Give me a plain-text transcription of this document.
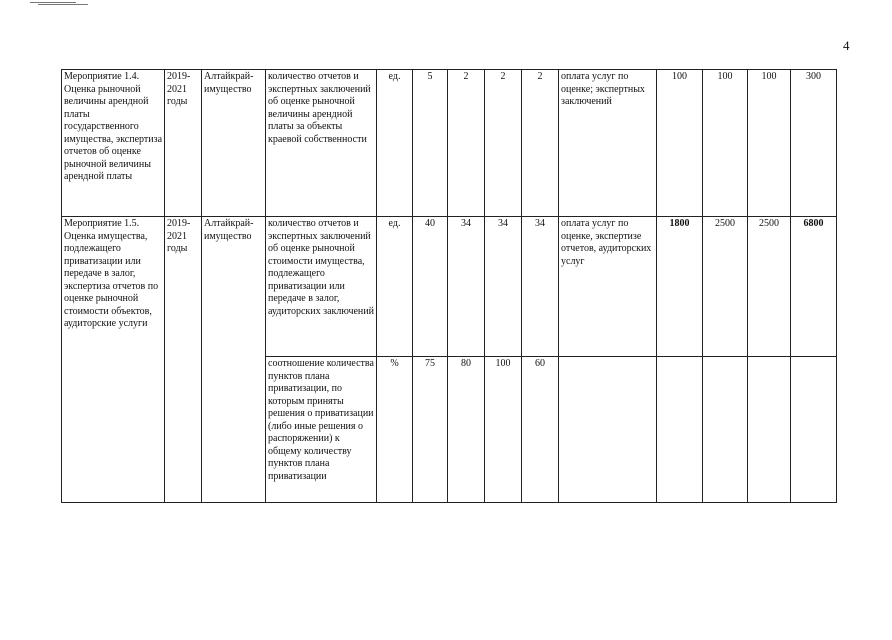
4
Мероприятие 1.4. Оценка рыночной величины арендной платы государственного имущества, экспертиза отчетов об оценке рыночной величины арендной платы	2019-2021 годы	Алтайкрай-имущество	количество отчетов и экспертных заключений об оценке рыночной величины арендной платы за объекты краевой собственности	ед.	5	2	2	2	оплата услуг по оценке; экспертных заключений	100	100	100	300
Мероприятие 1.5. Оценка имущества, подлежащего приватизации или передаче в залог, экспертиза отчетов по оценке рыночной стоимости объектов, аудиторские услуги	2019-2021 годы	Алтайкрай-имущество	количество отчетов и экспертных заключений об оценке рыночной стоимости имущества, подлежащего приватизации или передаче в залог, аудиторских заключений	ед.	40	34	34	34	оплата услуг по оценке, экспертизе отчетов, аудиторских услуг	1800	2500	2500	6800
			соотношение количества пунктов плана приватизации, по которым приняты решения о приватизации (либо иные решения о распоряжении) к общему количеству пунктов плана приватизации	%	75	80	100	60					
